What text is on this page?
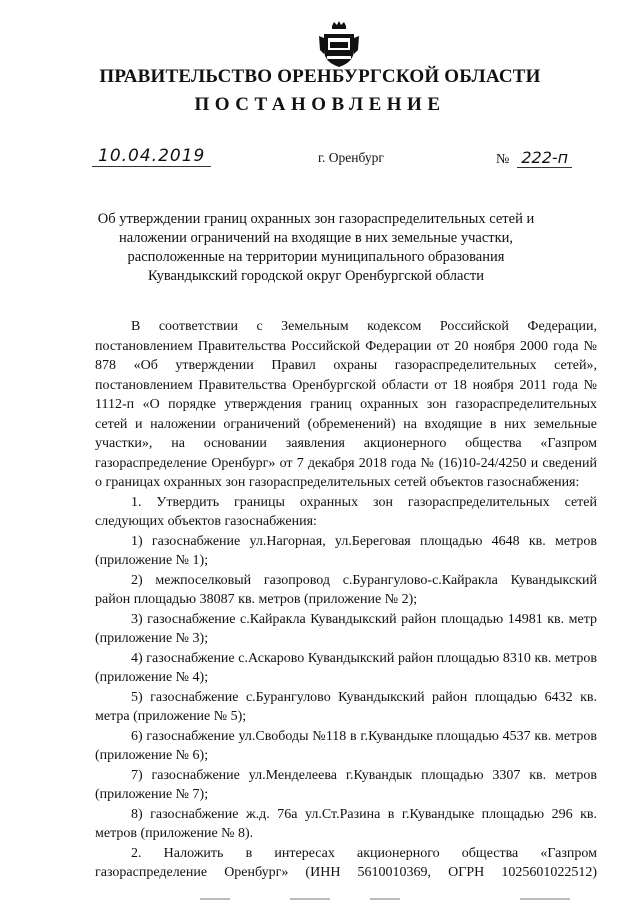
ПРАВИТЕЛЬСТВО ОРЕНБУРГСКОЙ ОБЛАСТИ
ПОСТАНОВЛЕНИЕ
10.04.2019	г. Оренбург	№ 222-п
Об утверждении границ охранных зон газораспределительных сетей и
наложении ограничений на входящие в них земельные участки,
расположенные на территории муниципального образования
Кувандыкский городской округ Оренбургской области

В соответствии с Земельным кодексом Российской Федерации, постановлением Правительства Российской Федерации от 20 ноября 2000 года № 878 «Об утверждении Правил охраны газораспределительных сетей», постановлением Правительства Оренбургской области от 18 ноября 2011 года № 1112-п «О порядке утверждения границ охранных зон газораспределительных сетей и наложении ограничений (обременений) на входящие в них земельные участки», на основании заявления акционерного общества «Газпром газораспределение Оренбург» от 7 декабря 2018 года № (16)10-24/4250 и сведений о границах охранных зон газораспределительных сетей объектов газоснабжения:

1. Утвердить границы охранных зон газораспределительных сетей следующих объектов газоснабжения:

1) газоснабжение ул.Нагорная, ул.Береговая площадью 4648 кв. метров (приложение № 1);

2) межпоселковый газопровод с.Бурангулово-с.Кайракла Кувандыкский район площадью 38087 кв. метров (приложение № 2);

3) газоснабжение с.Кайракла Кувандыкский район площадью 14981 кв. метр (приложение № 3);

4) газоснабжение с.Аскарово Кувандыкский район площадью 8310 кв. метров (приложение № 4);

5) газоснабжение с.Бурангулово Кувандыкский район площадью 6432 кв. метра (приложение № 5);

6) газоснабжение ул.Свободы №118 в г.Кувандыке площадью 4537 кв. метров (приложение № 6);

7) газоснабжение ул.Менделеева г.Кувандык площадью 3307 кв. метров (приложение № 7);

8) газоснабжение ж.д. 76а ул.Ст.Разина в г.Кувандыке площадью 296 кв. метров (приложение № 8).

2. Наложить в интересах акционерного общества «Газпром газораспределение Оренбург» (ИНН 5610010369, ОГРН 1025601022512)
